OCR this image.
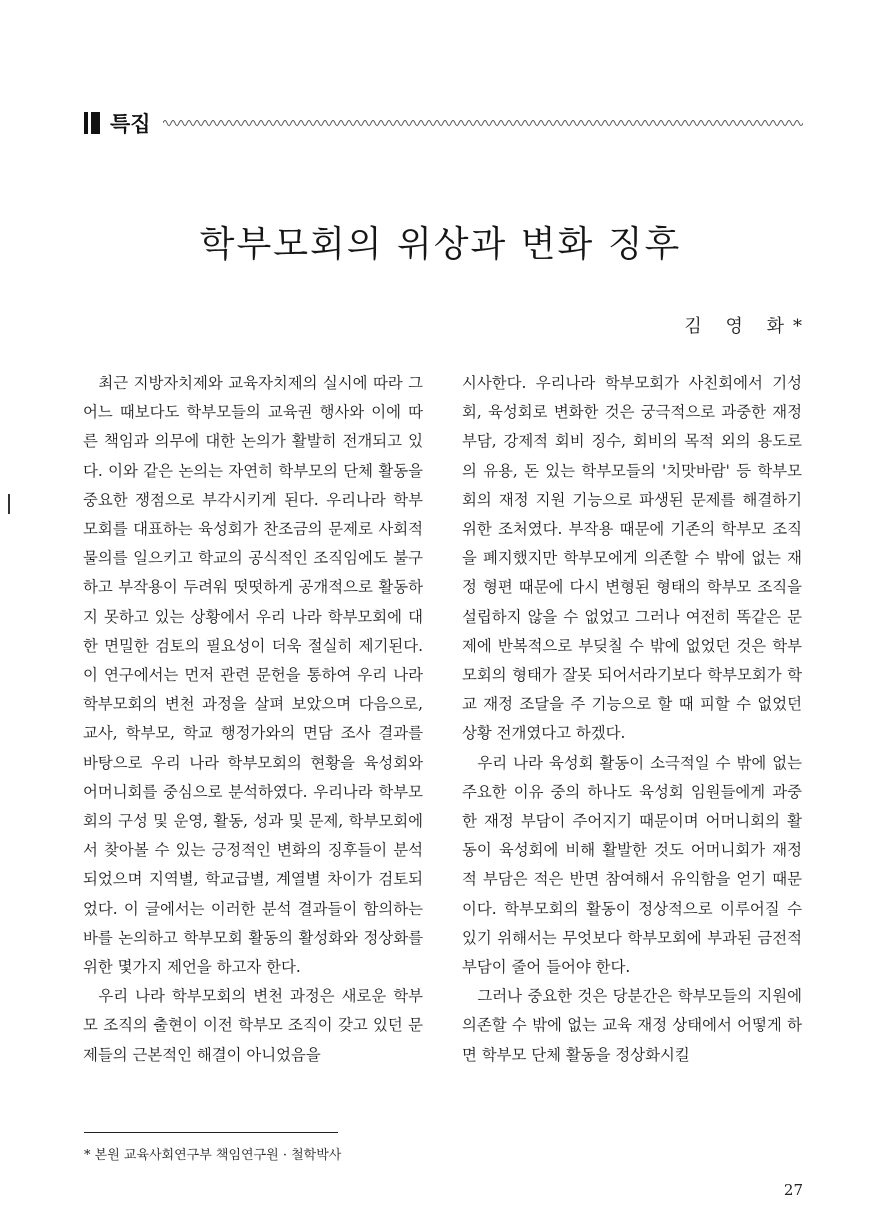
특집
학부모회의 위상과 변화 징후
김 영 화*

최근 지방자치제와 교육자치제의 실시에 따라 그 어느 때보다도 학부모들의 교육권 행사와 이에 따른 책임과 의무에 대한 논의가 활발히 전개되고 있다. 이와 같은 논의는 자연히 학부모의 단체 활동을 중요한 쟁점으로 부각시키게 된다. 우리나라 학부모회를 대표하는 육성회가 찬조금의 문제로 사회적 물의를 일으키고 학교의 공식적인 조직임에도 불구하고 부작용이 두려워 떳떳하게 공개적으로 활동하지 못하고 있는 상황에서 우리 나라 학부모회에 대한 면밀한 검토의 필요성이 더욱 절실히 제기된다. 이 연구에서는 먼저 관련 문헌을 통하여 우리 나라 학부모회의 변천 과정을 살펴 보았으며 다음으로, 교사, 학부모, 학교 행정가와의 면담 조사 결과를 바탕으로 우리 나라 학부모회의 현황을 육성회와 어머니회를 중심으로 분석하였다. 우리나라 학부모회의 구성 및 운영, 활동, 성과 및 문제, 학부모회에서 찾아볼 수 있는 긍정적인 변화의 징후들이 분석되었으며 지역별, 학교급별, 계열별 차이가 검토되었다. 이 글에서는 이러한 분석 결과들이 함의하는 바를 논의하고 학부모회 활동의 활성화와 정상화를 위한 몇가지 제언을 하고자 한다.

우리 나라 학부모회의 변천 과정은 새로운 학부모 조직의 출현이 이전 학부모 조직이 갖고 있던 문제들의 근본적인 해결이 아니었음을

시사한다. 우리나라 학부모회가 사친회에서 기성회, 육성회로 변화한 것은 궁극적으로 과중한 재정 부담, 강제적 회비 징수, 회비의 목적 외의 용도로의 유용, 돈 있는 학부모들의 '치맛바람' 등 학부모회의 재정 지원 기능으로 파생된 문제를 해결하기 위한 조처였다. 부작용 때문에 기존의 학부모 조직을 폐지했지만 학부모에게 의존할 수 밖에 없는 재정 형편 때문에 다시 변형된 형태의 학부모 조직을 설립하지 않을 수 없었고 그러나 여전히 똑같은 문제에 반복적으로 부딪칠 수 밖에 없었던 것은 학부모회의 형태가 잘못 되어서라기보다 학부모회가 학교 재정 조달을 주 기능으로 할 때 피할 수 없었던 상황 전개였다고 하겠다.

우리 나라 육성회 활동이 소극적일 수 밖에 없는 주요한 이유 중의 하나도 육성회 임원들에게 과중한 재정 부담이 주어지기 때문이며 어머니회의 활동이 육성회에 비해 활발한 것도 어머니회가 재정적 부담은 적은 반면 참여해서 유익함을 얻기 때문이다. 학부모회의 활동이 정상적으로 이루어질 수 있기 위해서는 무엇보다 학부모회에 부과된 금전적 부담이 줄어 들어야 한다.

그러나 중요한 것은 당분간은 학부모들의 지원에 의존할 수 밖에 없는 교육 재정 상태에서 어떻게 하면 학부모 단체 활동을 정상화시킬

* 본원 교육사회연구부 책임연구원 · 철학박사
27
